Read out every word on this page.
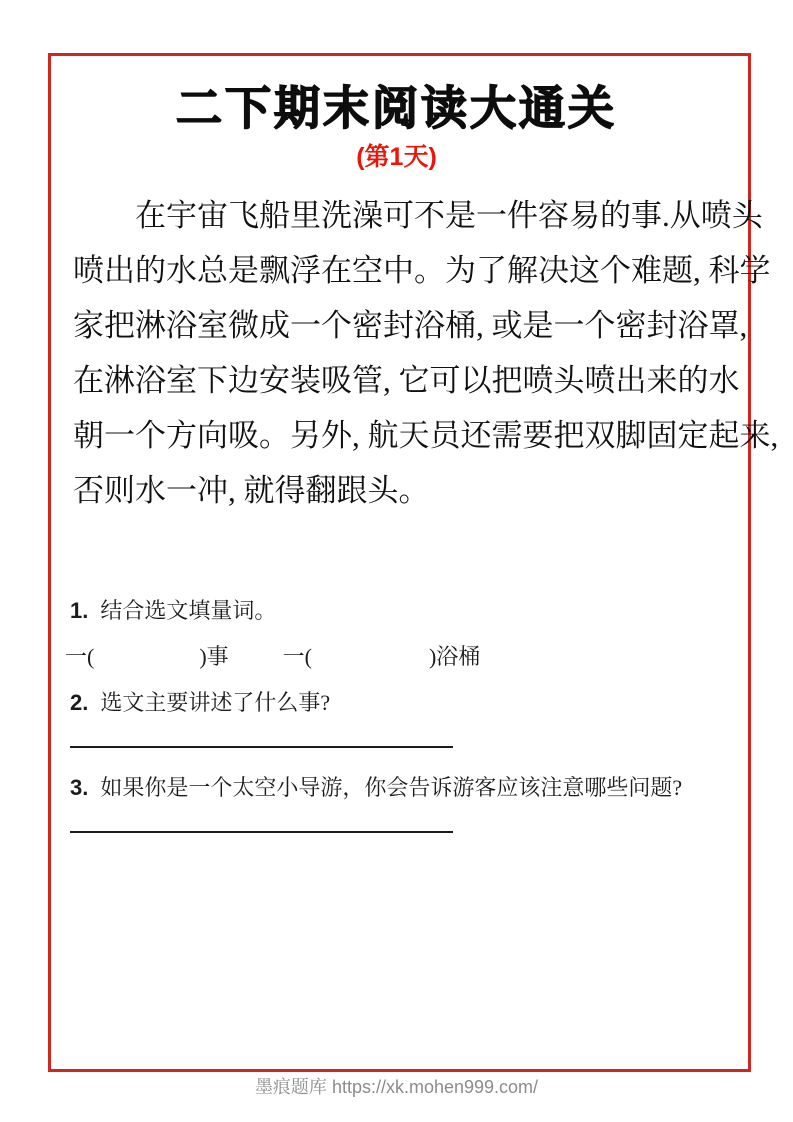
二下期末阅读大通关
(第1天)
在宇宙飞船里洗澡可不是一件容易的事.从喷头
喷出的水总是飘浮在空中。为了解决这个难题, 科学
家把淋浴室微成一个密封浴桶, 或是一个密封浴罩,
在淋浴室下边安装吸管, 它可以把喷头喷出来的水
朝一个方向吸。另外, 航天员还需要把双脚固定起来,
否则水一冲, 就得翻跟头。
1. 结合选文填量词。
一(	)事 一(	)浴桶
2. 选文主要讲述了什么事?
3. 如果你是一个太空小导游，你会告诉游客应该注意哪些问题?
墨痕题库 https://xk.mohen999.com/
